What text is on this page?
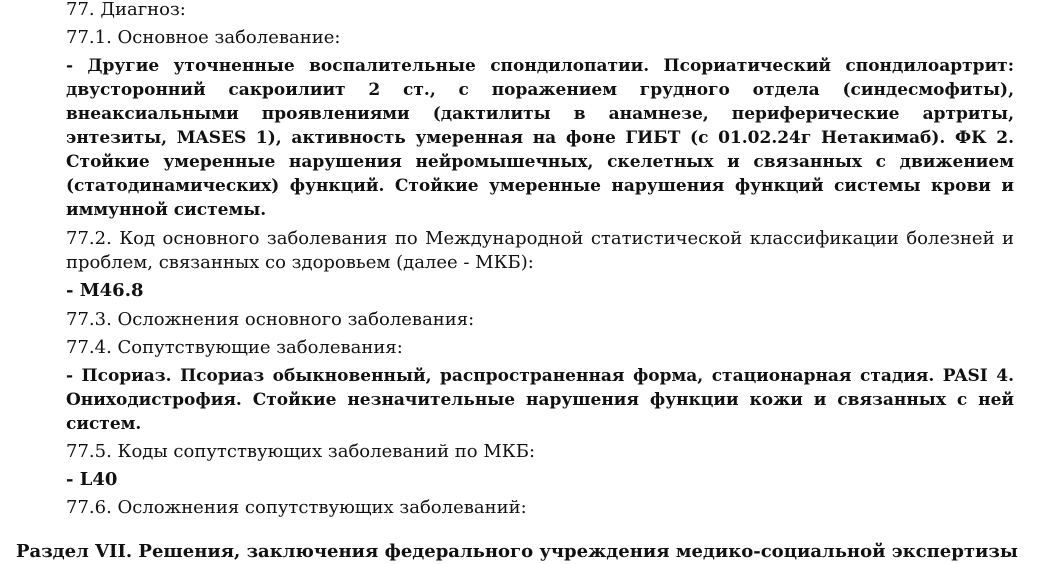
77. Диагноз:
77.1. Основное заболевание:
- Другие уточненные воспалительные спондилопатии. Псориатический спондилоартрит: двусторонний сакроилиит 2 ст., с поражением грудного отдела (синдесмофиты), внеаксиальными проявлениями (дактилиты в анамнезе, периферические артриты, энтезиты, MASES 1), активность умеренная на фоне ГИБТ (с 01.02.24г Нетакимаб). ФК 2. Стойкие умеренные нарушения нейромышечных, скелетных и связанных с движением (статодинамических) функций. Стойкие умеренные нарушения функций системы крови и иммунной системы.
77.2. Код основного заболевания по Международной статистической классификации болезней и проблем, связанных со здоровьем (далее - МКБ):
- M46.8
77.3. Осложнения основного заболевания:
77.4. Сопутствующие заболевания:
- Псориаз. Псориаз обыкновенный, распространенная форма, стационарная стадия. PASI 4. Ониходистрофия. Стойкие незначительные нарушения функции кожи и связанных с ней систем.
77.5. Коды сопутствующих заболеваний по МКБ:
- L40
77.6. Осложнения сопутствующих заболеваний:
Раздел VII. Решения, заключения федерального учреждения медико-социальной экспертизы
